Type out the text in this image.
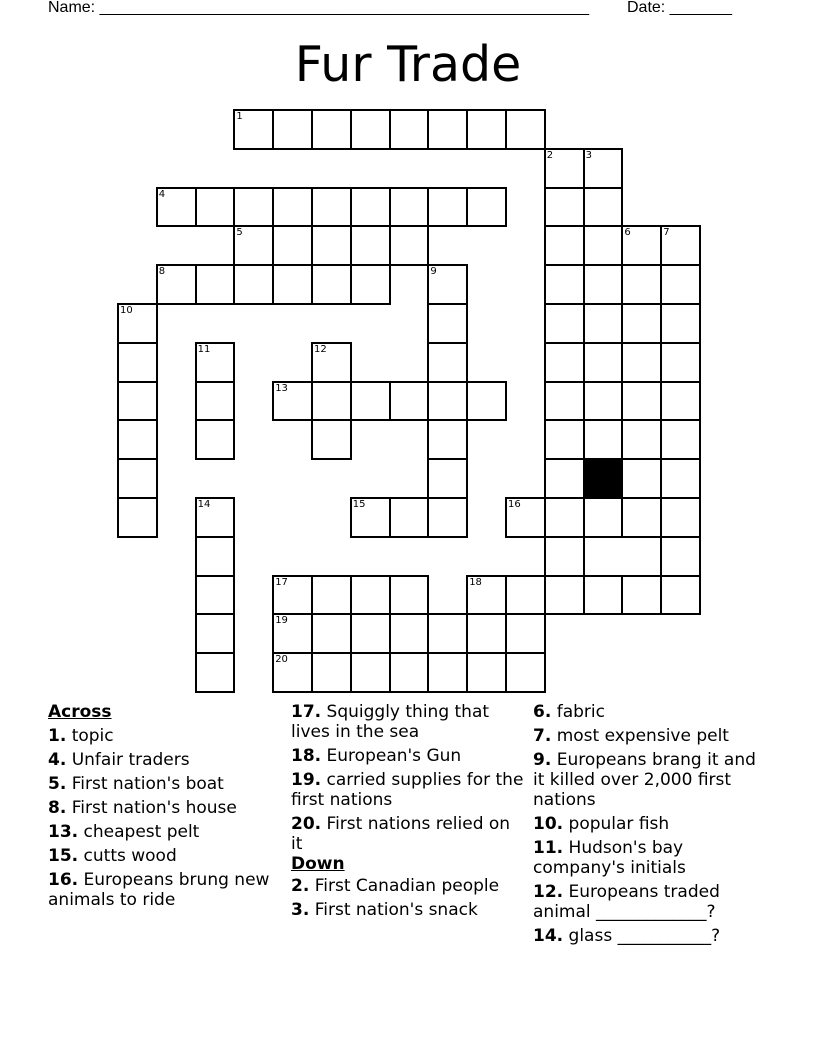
Name: _______________________________________________________ Date: _______
Fur Trade
1
2	3
4
5	6	7
8	9
10
11	12
13
14	15	16
17	18
19
20
Across
1. topic
4. Unfair traders
5. First nation's boat
8. First nation's house
13. cheapest pelt
15. cutts wood
16. Europeans brung new animals to ride
17. Squiggly thing that lives in the sea
18. European's Gun
19. carried supplies for the first nations
20. First nations relied on it
Down
2. First Canadian people
3. First nation's snack
6. fabric
7. most expensive pelt
9. Europeans brang it and it killed over 2,000 first nations
10. popular fish
11. Hudson's bay company's initials
12. Europeans traded animal _____________?
14. glass ___________?
